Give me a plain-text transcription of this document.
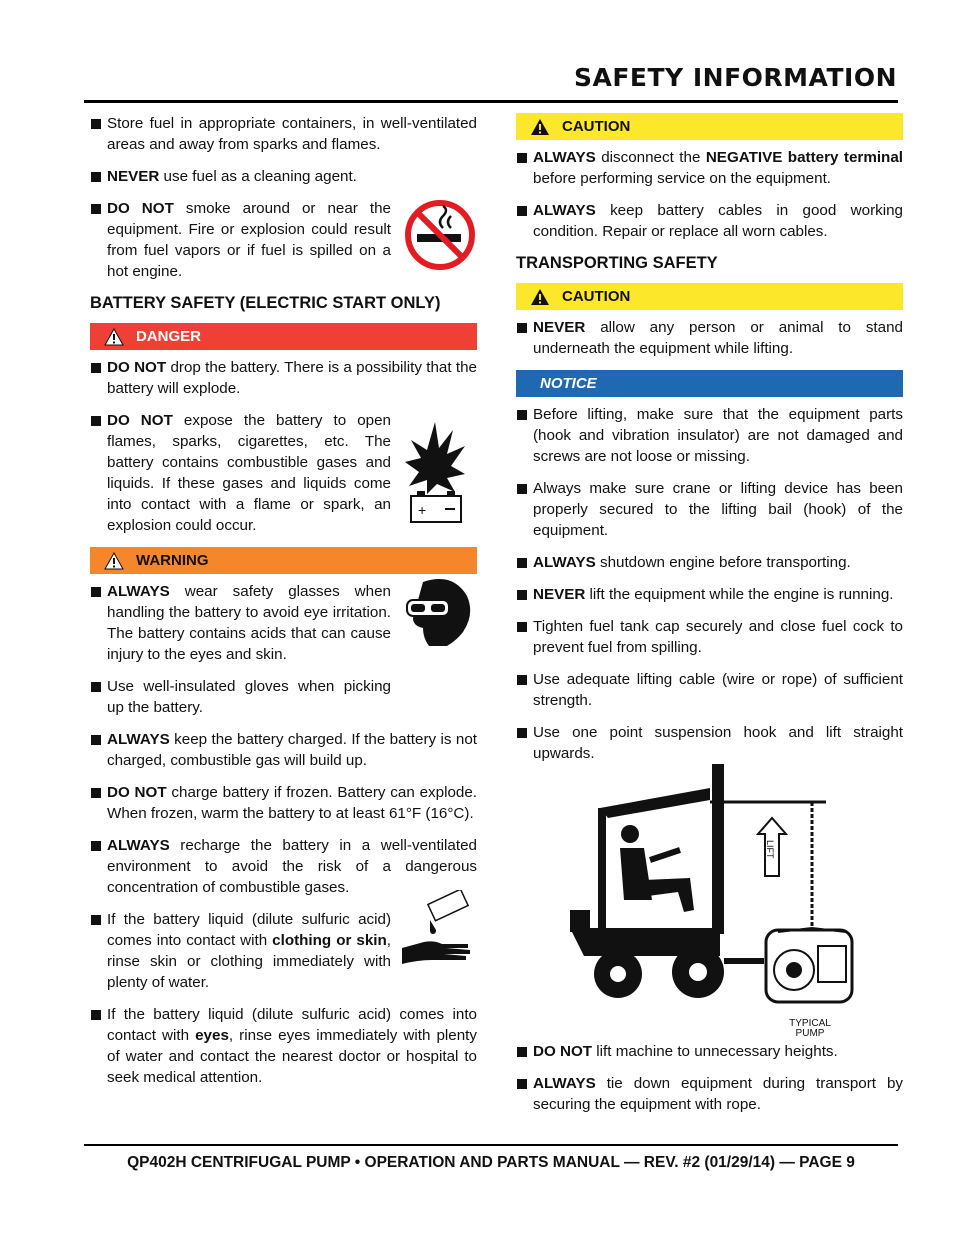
SAFETY INFORMATION
Store fuel in appropriate containers, in well-ventilated areas and away from sparks and flames.
NEVER use fuel as a cleaning agent.
DO NOT smoke around or near the equipment. Fire or explosion could result from fuel vapors or if fuel is spilled on a hot engine.
BATTERY SAFETY (ELECTRIC START ONLY)
DANGER
DO NOT drop the battery. There is a possibility that the battery will explode.
DO NOT expose the battery to open flames, sparks, cigarettes, etc. The battery contains combustible gases and liquids. If these gases and liquids come into contact with a flame or spark, an explosion could occur.
WARNING
ALWAYS wear safety glasses when handling the battery to avoid eye irritation. The battery contains acids that can cause injury to the eyes and skin.
Use well-insulated gloves when picking up the battery.
ALWAYS keep the battery charged. If the battery is not charged, combustible gas will build up.
DO NOT charge battery if frozen. Battery can explode. When frozen, warm the battery to at least 61°F (16°C).
ALWAYS recharge the battery in a well-ventilated environment to avoid the risk of a dangerous concentration of combustible gases.
If the battery liquid (dilute sulfuric acid) comes into contact with clothing or skin, rinse skin or clothing immediately with plenty of water.
If the battery liquid (dilute sulfuric acid) comes into contact with eyes, rinse eyes immediately with plenty of water and contact the nearest doctor or hospital to seek medical attention.
+
CAUTION
ALWAYS disconnect the NEGATIVE battery terminal before performing service on the equipment.
ALWAYS keep battery cables in good working condition. Repair or replace all worn cables.
TRANSPORTING SAFETY
CAUTION
NEVER allow any person or animal to stand underneath the equipment while lifting.
NOTICE
Before lifting, make sure that the equipment parts (hook and vibration insulator) are not damaged and screws are not loose or missing.
Always make sure crane or lifting device has been properly secured to the lifting bail (hook) of the equipment.
ALWAYS shutdown engine before transporting.
NEVER lift the equipment while the engine is running.
Tighten fuel tank cap securely and close fuel cock to prevent fuel from spilling.
Use adequate lifting cable (wire or rope) of sufficient strength.
Use one point suspension hook and lift straight upwards.
LIFT
TYPICAL
PUMP
DO NOT lift machine to unnecessary heights.
ALWAYS tie down equipment during transport by securing the equipment with rope.
QP402H CENTRIFUGAL PUMP • OPERATION AND PARTS MANUAL — REV. #2 (01/29/14) — PAGE 9
